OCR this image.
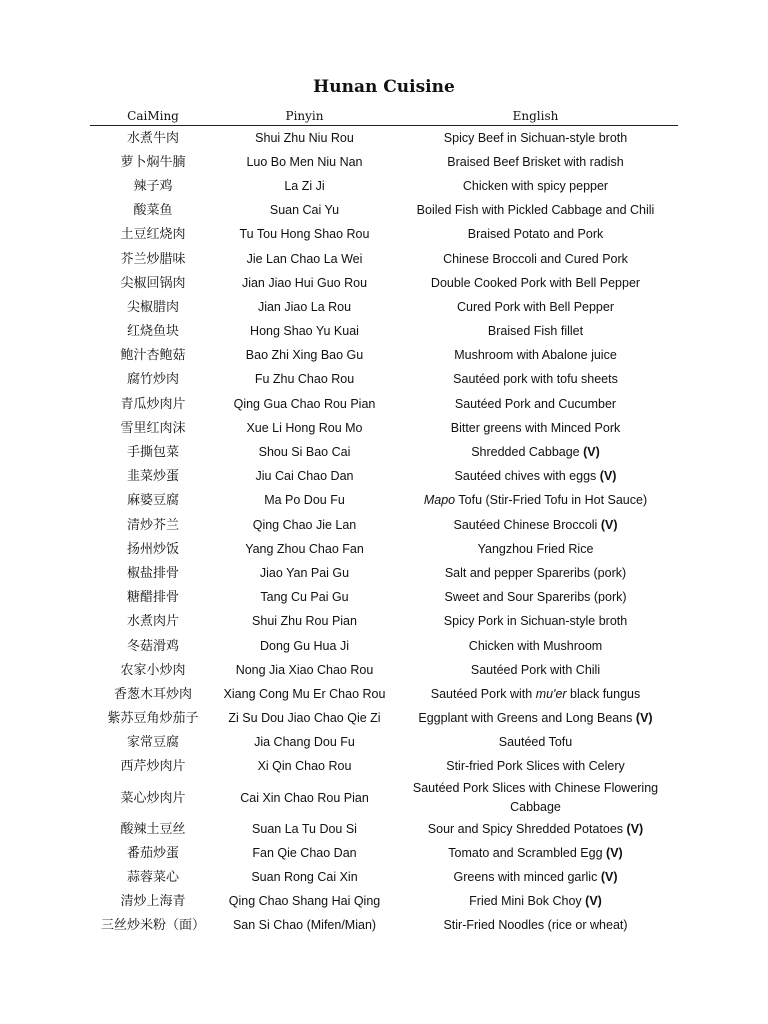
Hunan Cuisine
CaiMing	Pinyin	English
水煮牛肉	Shui Zhu Niu Rou	Spicy Beef in Sichuan-style broth
萝卜焖牛腩	Luo Bo Men Niu Nan	Braised Beef Brisket with radish
辣子鸡	La Zi Ji	Chicken with spicy pepper
酸菜鱼	Suan Cai Yu	Boiled Fish with Pickled Cabbage and Chili
土豆红烧肉	Tu Tou Hong Shao Rou	Braised Potato and Pork
芥兰炒腊味	Jie Lan Chao La Wei	Chinese Broccoli and Cured Pork
尖椒回锅肉	Jian Jiao Hui Guo Rou	Double Cooked Pork with Bell Pepper
尖椒腊肉	Jian Jiao La Rou	Cured Pork with Bell Pepper
红烧鱼块	Hong Shao Yu Kuai	Braised Fish fillet
鲍汁杏鲍菇	Bao Zhi Xing Bao Gu	Mushroom with Abalone juice
腐竹炒肉	Fu Zhu Chao Rou	Sautéed pork with tofu sheets
青瓜炒肉片	Qing Gua Chao Rou Pian	Sautéed Pork and Cucumber
雪里红肉沫	Xue Li Hong Rou Mo	Bitter greens with Minced Pork
手撕包菜	Shou Si Bao Cai	Shredded Cabbage (V)
韭菜炒蛋	Jiu Cai Chao Dan	Sautéed chives with eggs (V)
麻婆豆腐	Ma Po Dou Fu	Mapo Tofu (Stir-Fried Tofu in Hot Sauce)
清炒芥兰	Qing Chao Jie Lan	Sautéed Chinese Broccoli (V)
扬州炒饭	Yang Zhou Chao Fan	Yangzhou Fried Rice
椒盐排骨	Jiao Yan Pai Gu	Salt and pepper Spareribs (pork)
糖醋排骨	Tang Cu Pai Gu	Sweet and Sour Spareribs (pork)
水煮肉片	Shui Zhu Rou Pian	Spicy Pork in Sichuan-style broth
冬菇滑鸡	Dong Gu Hua Ji	Chicken with Mushroom
农家小炒肉	Nong Jia Xiao Chao Rou	Sautéed Pork with Chili
香葱木耳炒肉	Xiang Cong Mu Er Chao Rou	Sautéed Pork with mu'er black fungus
紫苏豆角炒茄子	Zi Su Dou Jiao Chao Qie Zi	Eggplant with Greens and Long Beans (V)
家常豆腐	Jia Chang Dou Fu	Sautéed Tofu
西芹炒肉片	Xi Qin Chao Rou	Stir-fried Pork Slices with Celery
菜心炒肉片	Cai Xin Chao Rou Pian	Sautéed Pork Slices with Chinese Flowering Cabbage
酸辣土豆丝	Suan La Tu Dou Si	Sour and Spicy Shredded Potatoes (V)
番茄炒蛋	Fan Qie Chao Dan	Tomato and Scrambled Egg (V)
蒜蓉菜心	Suan Rong Cai Xin	Greens with minced garlic (V)
清炒上海青	Qing Chao Shang Hai Qing	Fried Mini Bok Choy (V)
三丝炒米粉（面）	San Si Chao (Mifen/Mian)	Stir-Fried Noodles (rice or wheat)
